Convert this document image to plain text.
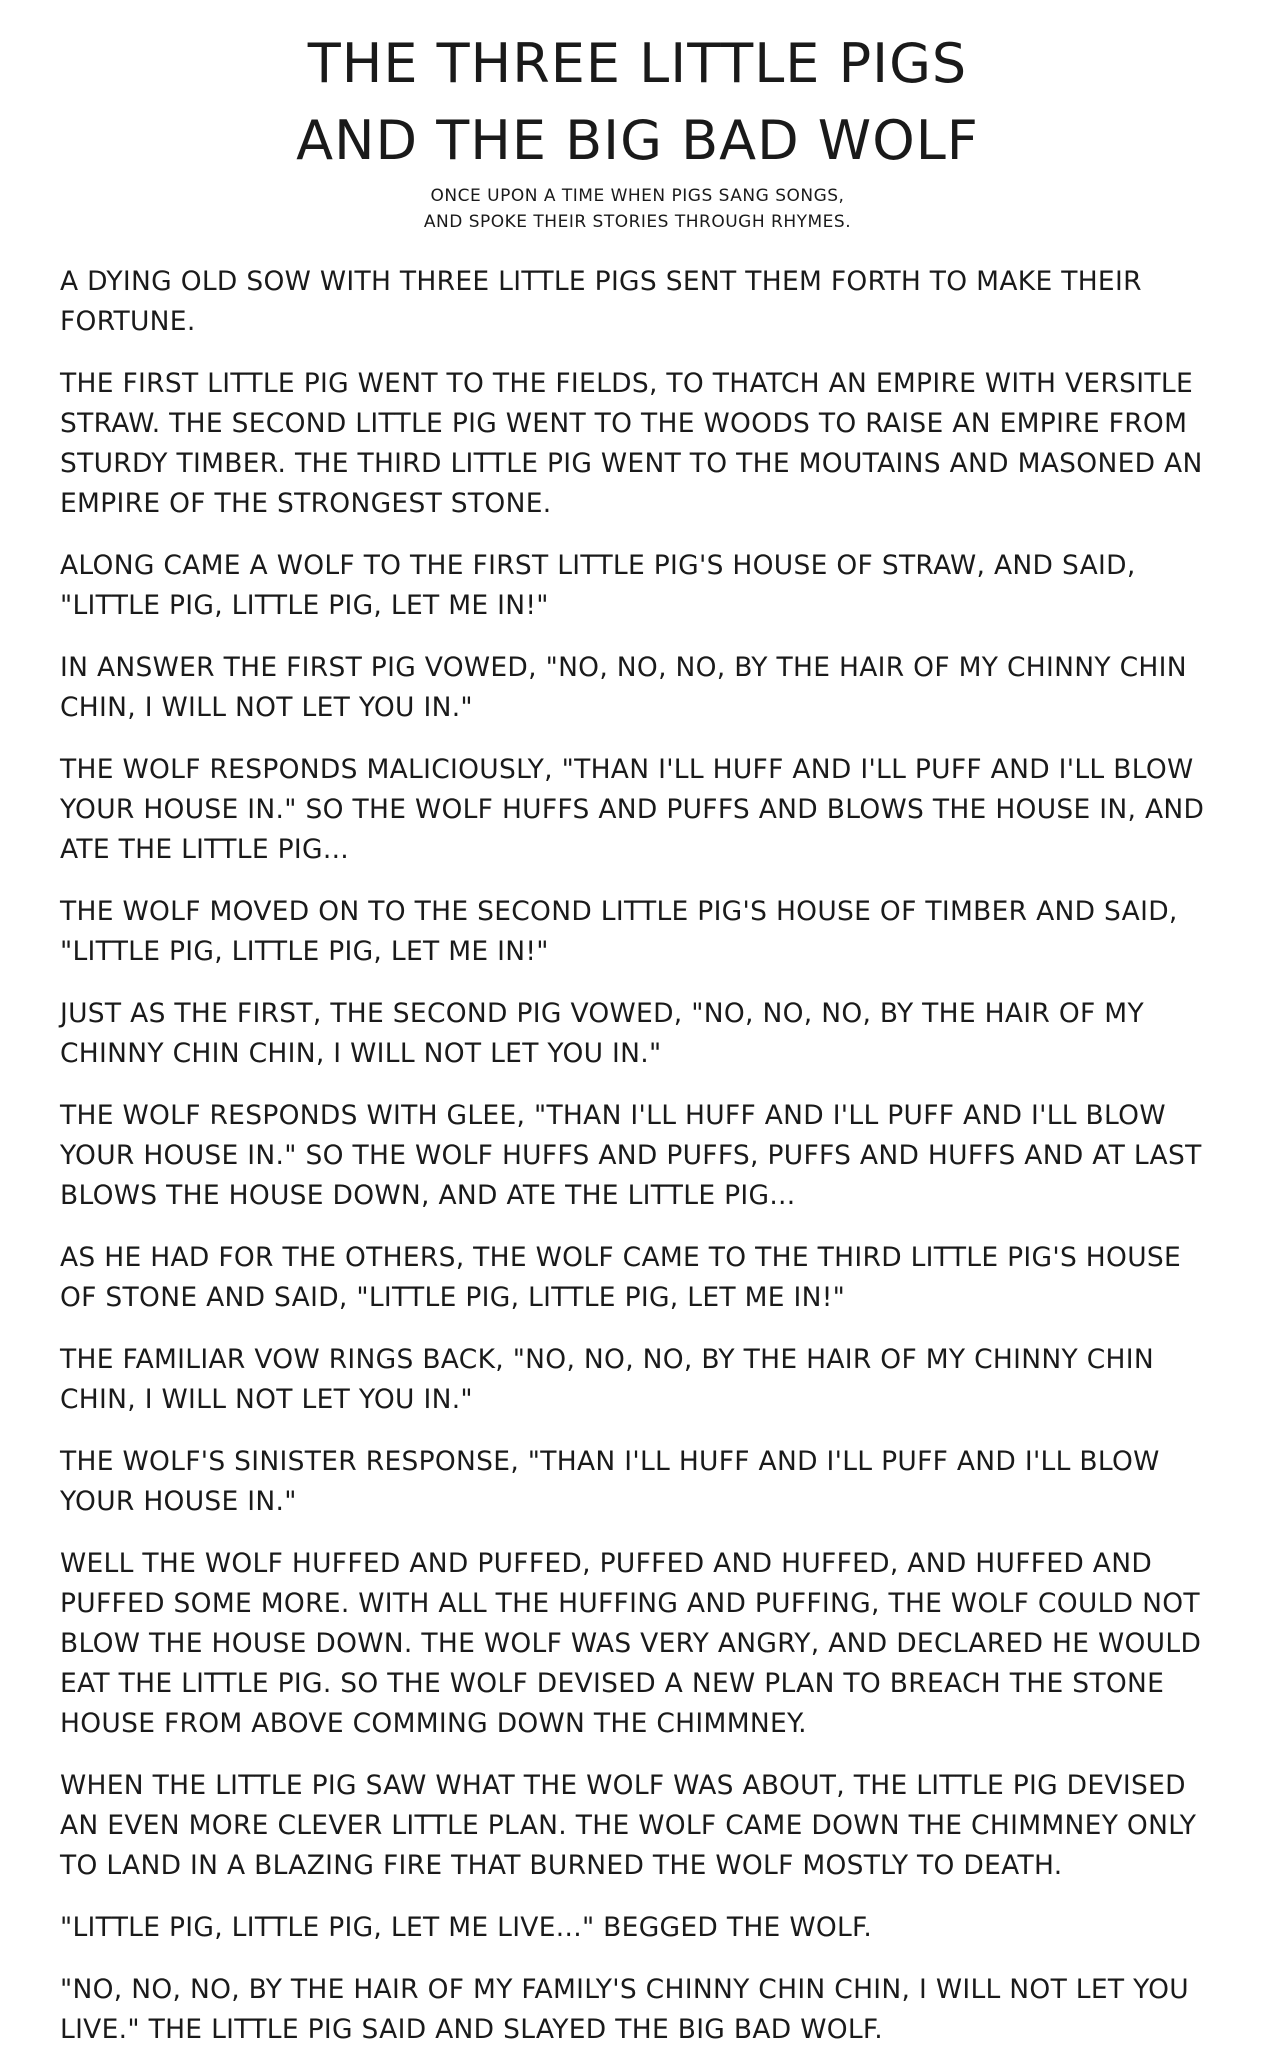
THE THREE LITTLE PIGS
AND THE BIG BAD WOLF

ONCE UPON A TIME WHEN PIGS SANG SONGS,

AND SPOKE THEIR STORIES THROUGH RHYMES.

A DYING OLD SOW WITH THREE LITTLE PIGS SENT THEM FORTH TO MAKE THEIR FORTUNE.

THE FIRST LITTLE PIG WENT TO THE FIELDS, TO THATCH AN EMPIRE WITH VERSITLE STRAW. THE SECOND LITTLE PIG WENT TO THE WOODS TO RAISE AN EMPIRE FROM STURDY TIMBER. THE THIRD LITTLE PIG WENT TO THE MOUTAINS AND MASONED AN EMPIRE OF THE STRONGEST STONE.

ALONG CAME A WOLF TO THE FIRST LITTLE PIG'S HOUSE OF STRAW, AND SAID, "LITTLE PIG, LITTLE PIG, LET ME IN!"

IN ANSWER THE FIRST PIG VOWED, "NO, NO, NO, BY THE HAIR OF MY CHINNY CHIN CHIN, I WILL NOT LET YOU IN."

THE WOLF RESPONDS MALICIOUSLY, "THAN I'LL HUFF AND I'LL PUFF AND I'LL BLOW YOUR HOUSE IN." SO THE WOLF HUFFS AND PUFFS AND BLOWS THE HOUSE IN, AND ATE THE LITTLE PIG...

THE WOLF MOVED ON TO THE SECOND LITTLE PIG'S HOUSE OF TIMBER AND SAID, "LITTLE PIG, LITTLE PIG, LET ME IN!"

JUST AS THE FIRST, THE SECOND PIG VOWED, "NO, NO, NO, BY THE HAIR OF MY CHINNY CHIN CHIN, I WILL NOT LET YOU IN."

THE WOLF RESPONDS WITH GLEE, "THAN I'LL HUFF AND I'LL PUFF AND I'LL BLOW YOUR HOUSE IN." SO THE WOLF HUFFS AND PUFFS, PUFFS AND HUFFS AND AT LAST BLOWS THE HOUSE DOWN, AND ATE THE LITTLE PIG...

AS HE HAD FOR THE OTHERS, THE WOLF CAME TO THE THIRD LITTLE PIG'S HOUSE OF STONE AND SAID, "LITTLE PIG, LITTLE PIG, LET ME IN!"

THE FAMILIAR VOW RINGS BACK, "NO, NO, NO, BY THE HAIR OF MY CHINNY CHIN CHIN, I WILL NOT LET YOU IN."

THE WOLF'S SINISTER RESPONSE, "THAN I'LL HUFF AND I'LL PUFF AND I'LL BLOW YOUR HOUSE IN."

WELL THE WOLF HUFFED AND PUFFED, PUFFED AND HUFFED, AND HUFFED AND PUFFED SOME MORE. WITH ALL THE HUFFING AND PUFFING, THE WOLF COULD NOT BLOW THE HOUSE DOWN. THE WOLF WAS VERY ANGRY, AND DECLARED HE WOULD EAT THE LITTLE PIG. SO THE WOLF DEVISED A NEW PLAN TO BREACH THE STONE HOUSE FROM ABOVE COMMING DOWN THE CHIMMNEY.

WHEN THE LITTLE PIG SAW WHAT THE WOLF WAS ABOUT, THE LITTLE PIG DEVISED AN EVEN MORE CLEVER LITTLE PLAN. THE WOLF CAME DOWN THE CHIMMNEY ONLY TO LAND IN A BLAZING FIRE THAT BURNED THE WOLF MOSTLY TO DEATH.

"LITTLE PIG, LITTLE PIG, LET ME LIVE..." BEGGED THE WOLF.

"NO, NO, NO, BY THE HAIR OF MY FAMILY'S CHINNY CHIN CHIN, I WILL NOT LET YOU LIVE." THE LITTLE PIG SAID AND SLAYED THE BIG BAD WOLF.
